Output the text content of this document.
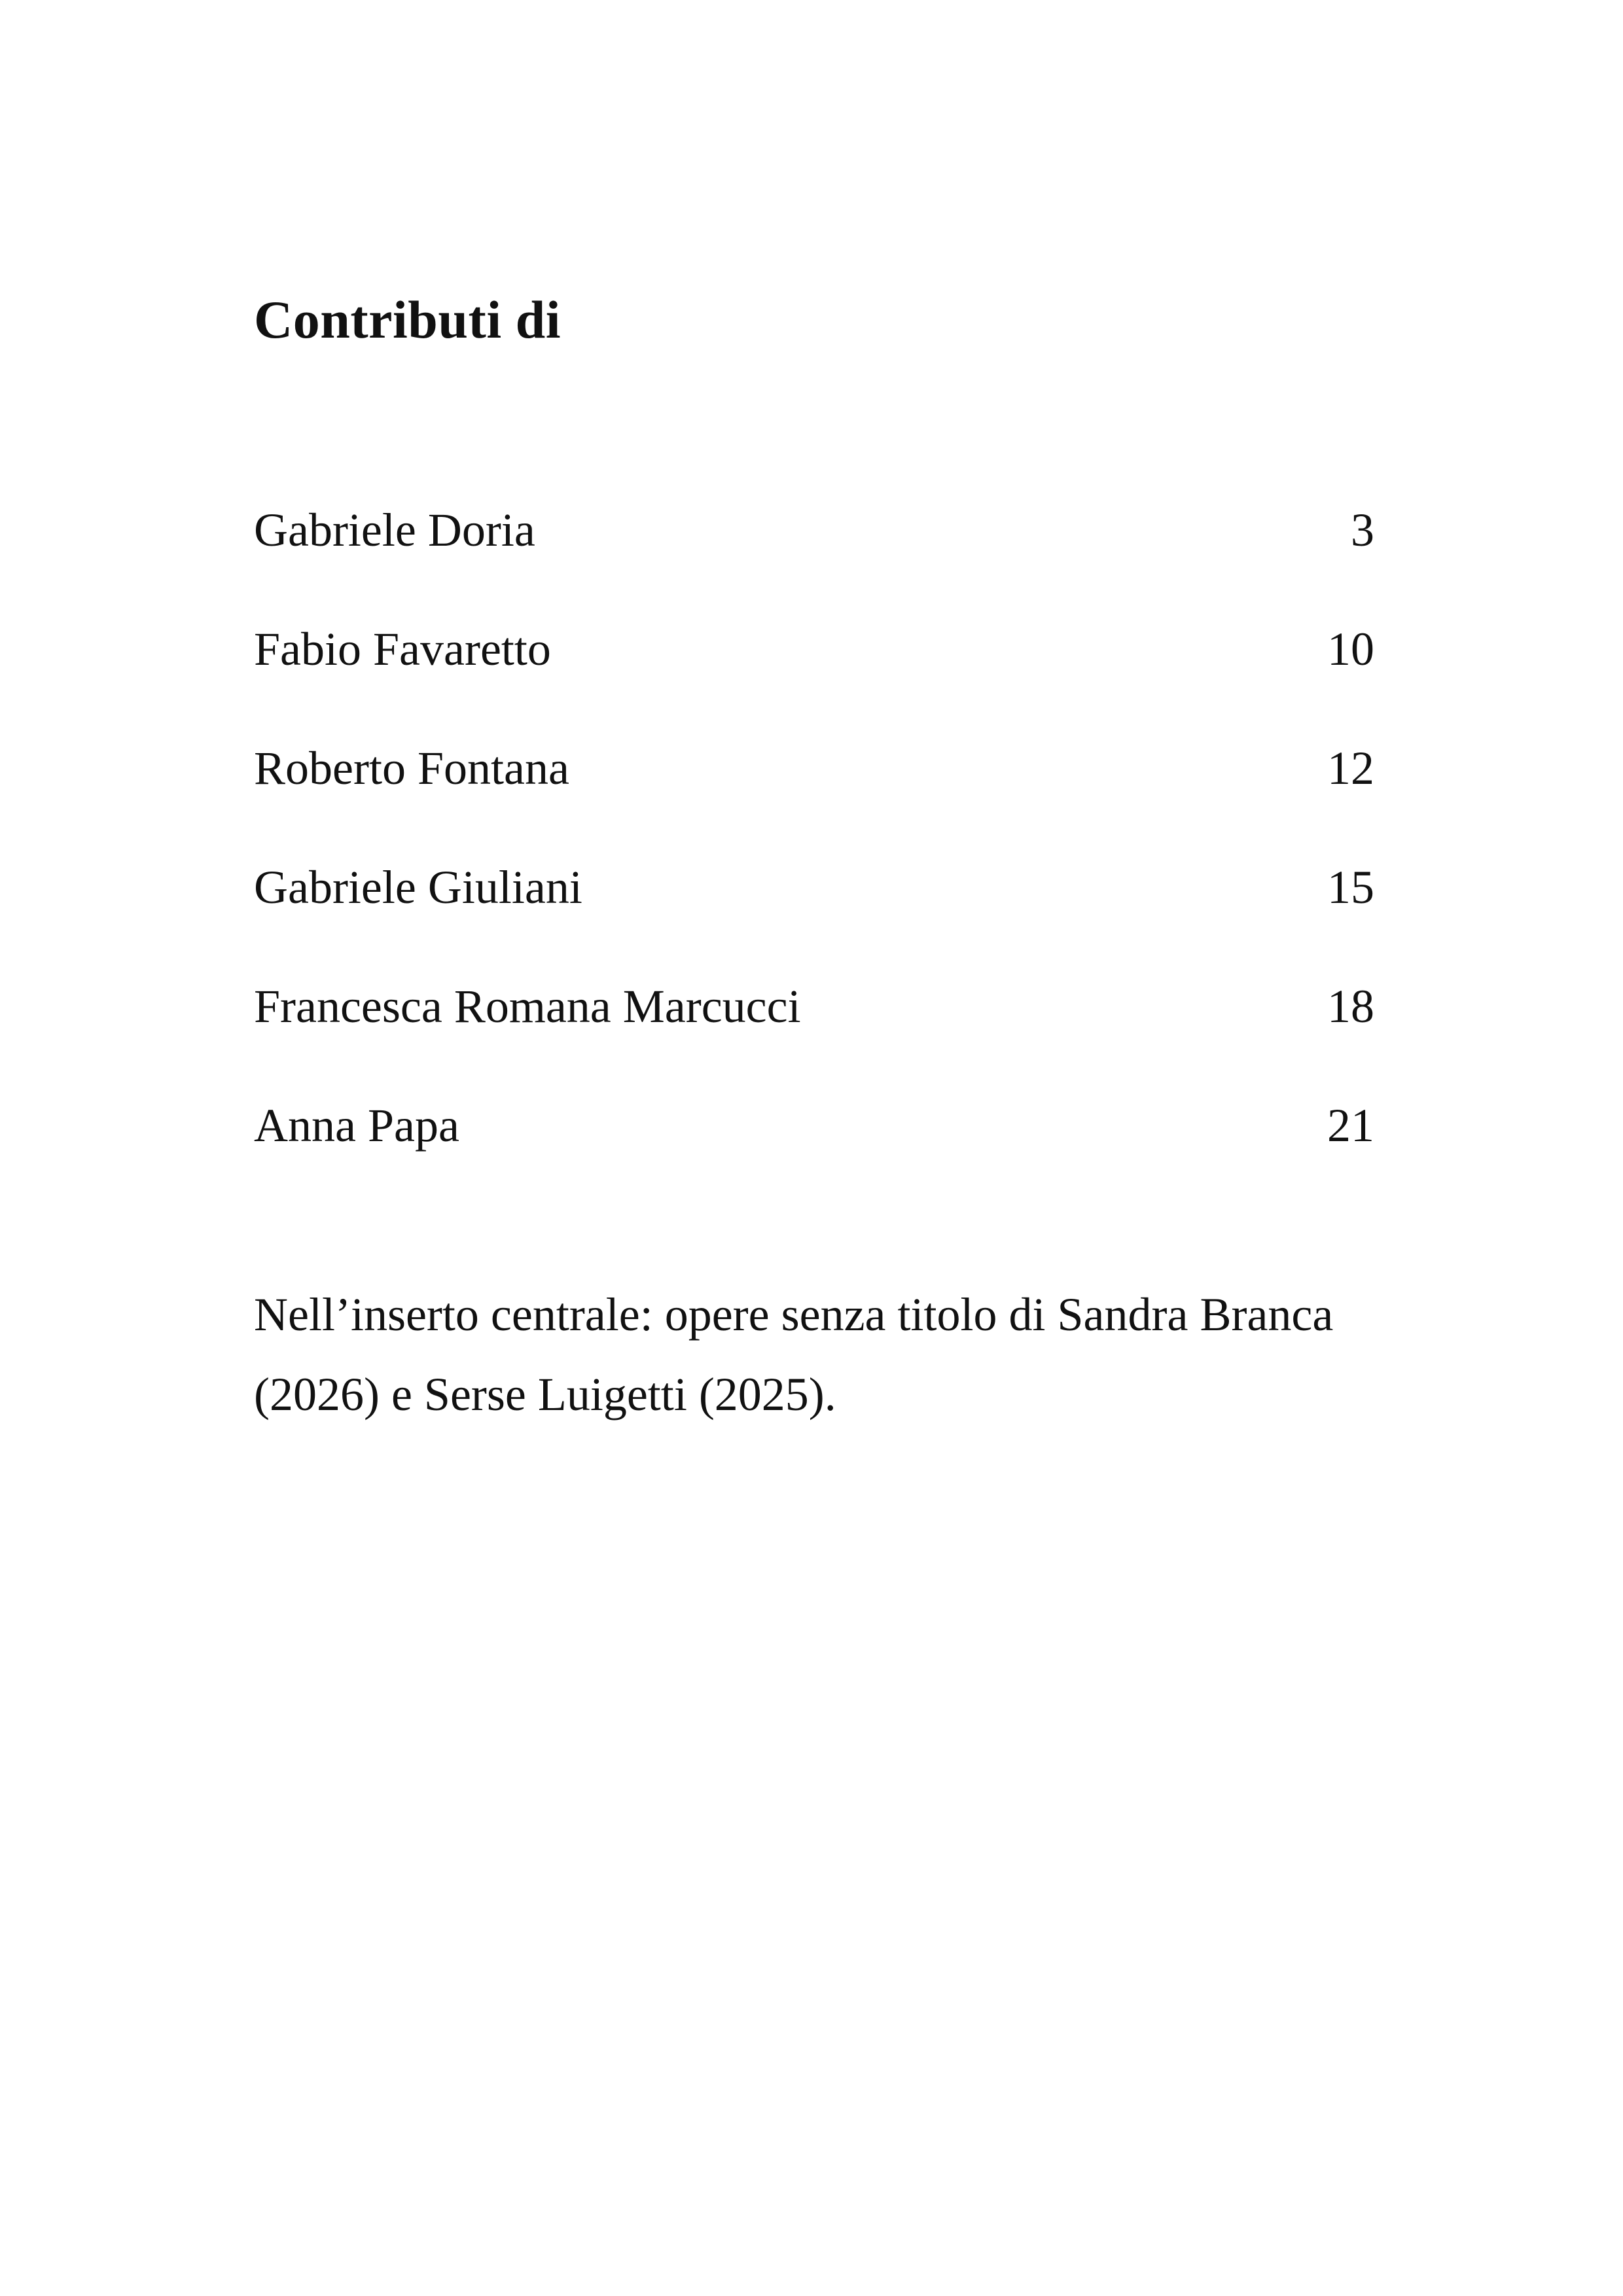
Contributi di
Gabriele Doria	3
Fabio Favaretto	10
Roberto Fontana	12
Gabriele Giuliani	15
Francesca Romana Marcucci	18
Anna Papa	21

Nell’inserto centrale: opere senza titolo di Sandra Branca (2026) e Serse Luigetti (2025).
